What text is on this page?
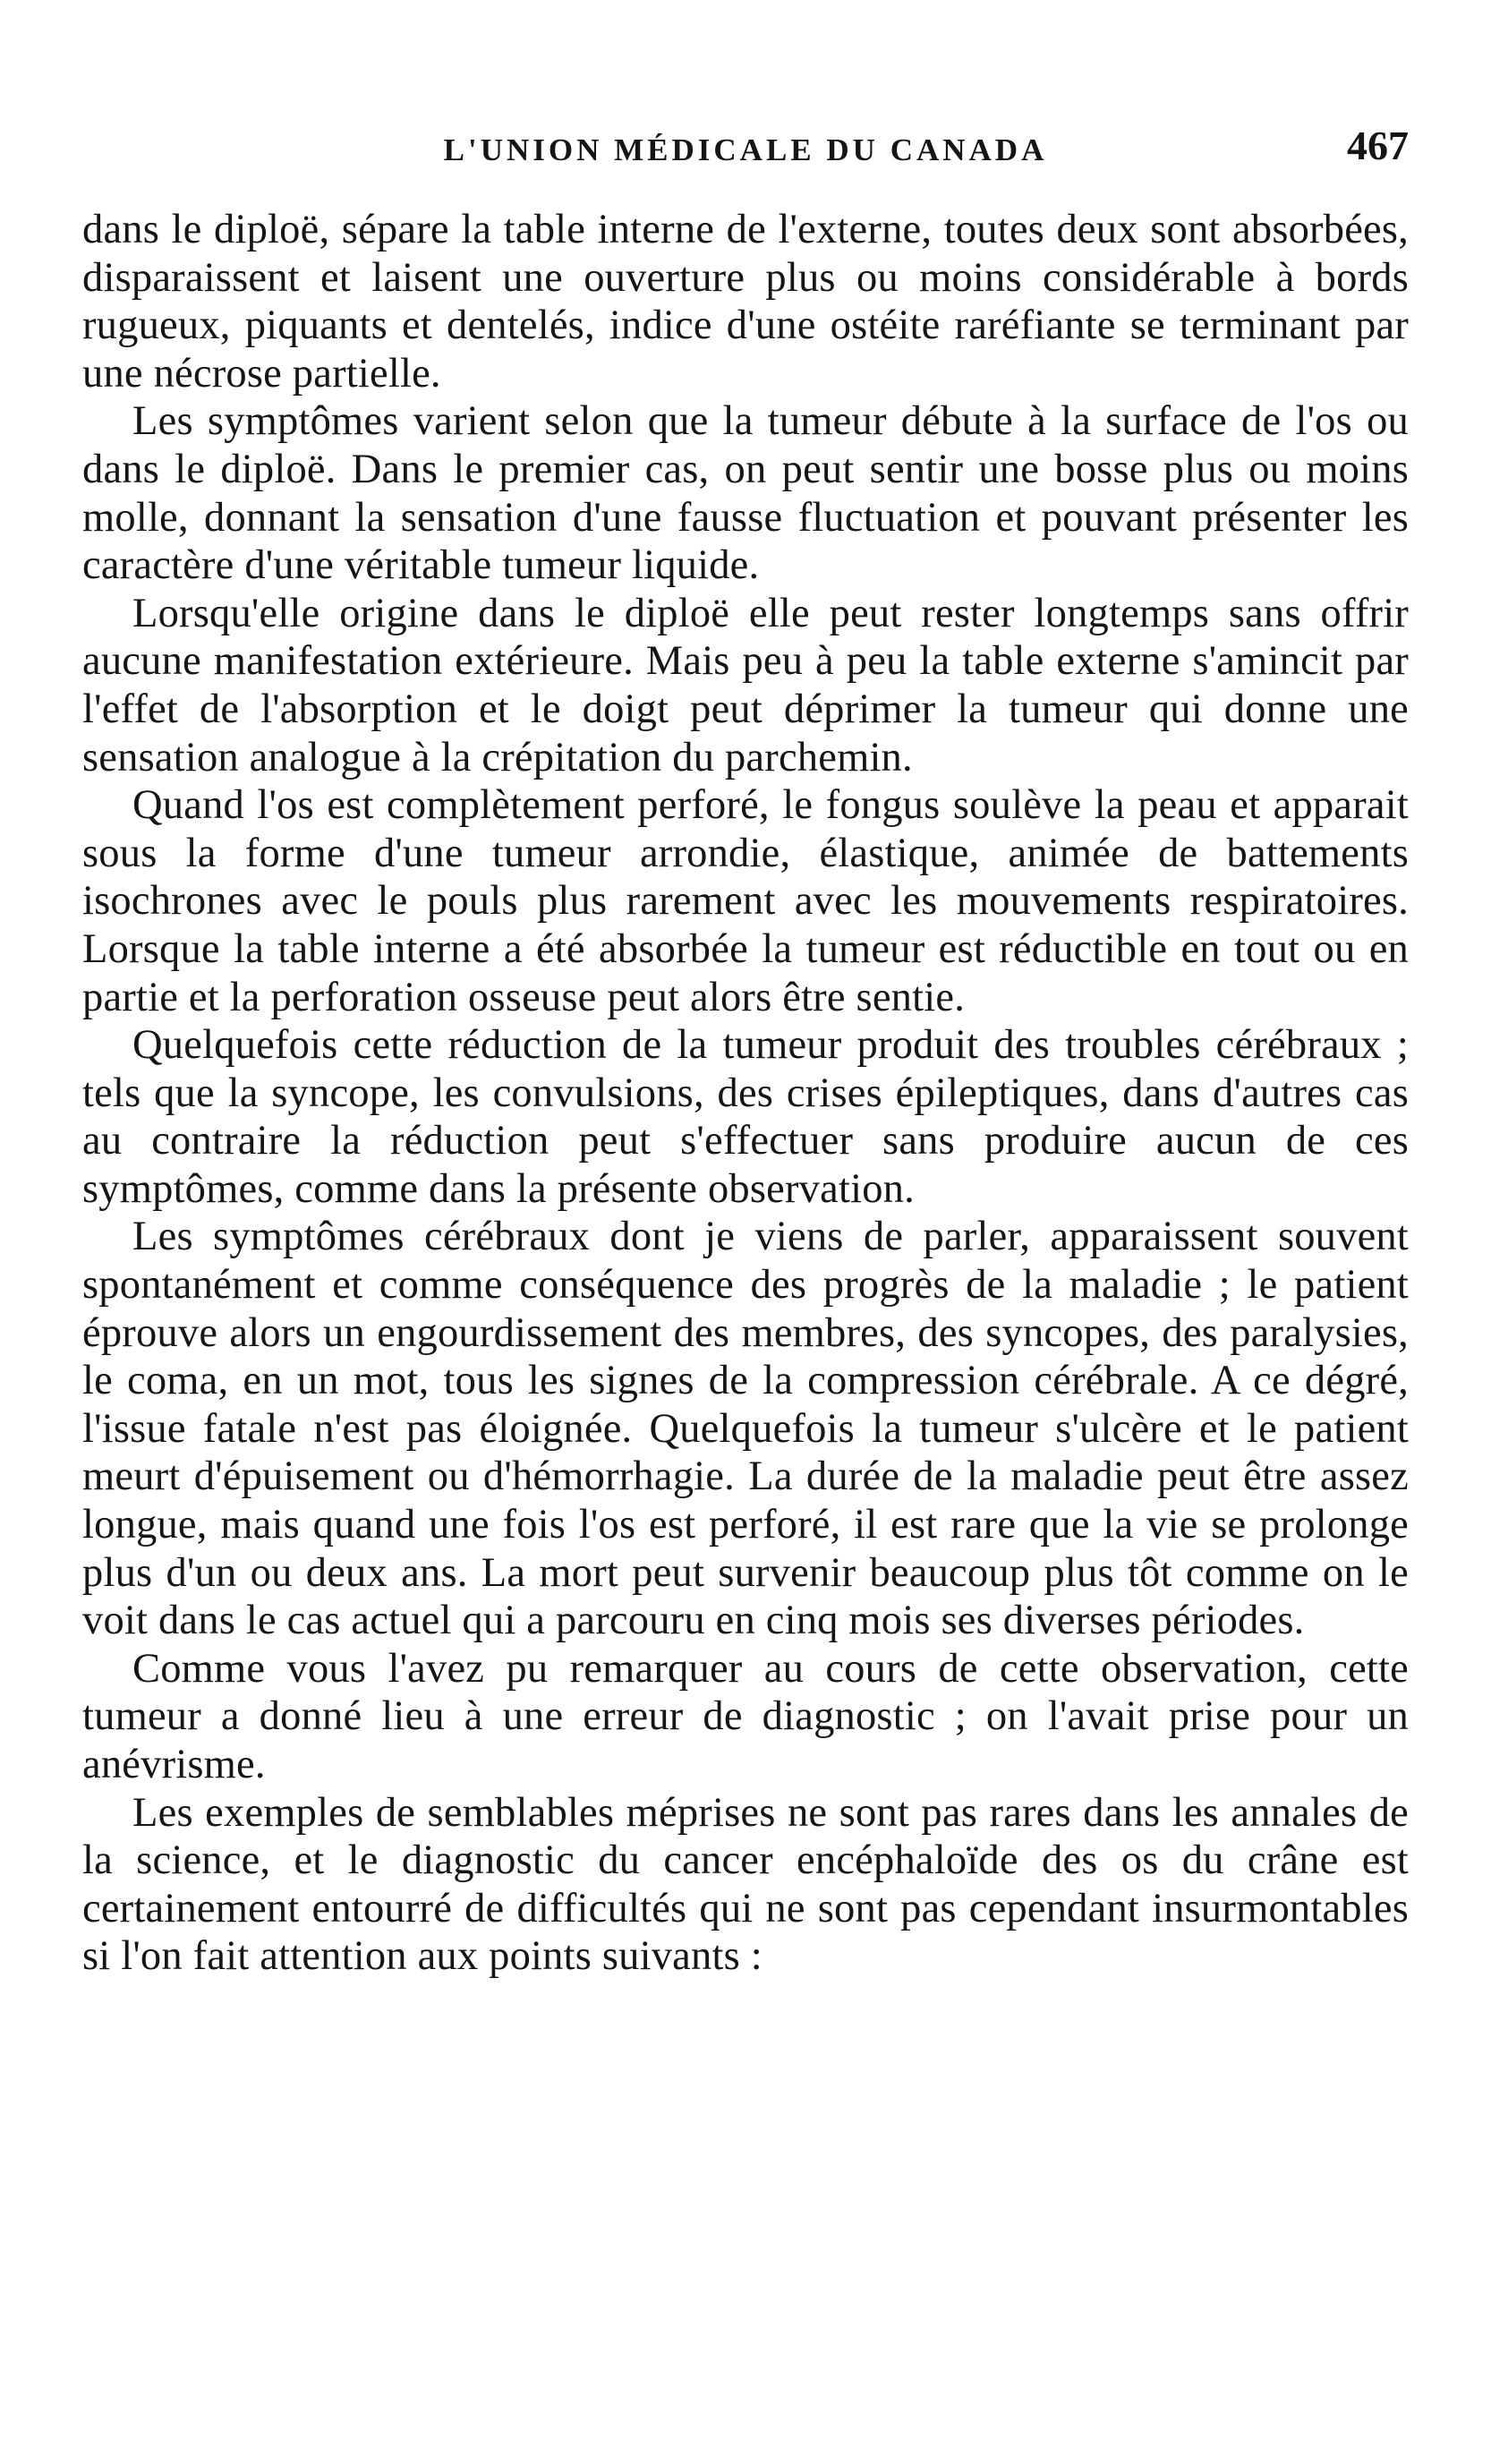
L'UNION MÉDICALE DU CANADA	467

dans le diploë, sépare la table interne de l'externe, toutes deux sont absorbées, disparaissent et laisent une ouverture plus ou moins considérable à bords rugueux, piquants et dentelés, indice d'une ostéite raréfiante se terminant par une nécrose partielle.

Les symptômes varient selon que la tumeur débute à la surface de l'os ou dans le diploë. Dans le premier cas, on peut sentir une bosse plus ou moins molle, donnant la sensation d'une fausse fluctuation et pouvant présenter les caractère d'une véritable tumeur liquide.

Lorsqu'elle origine dans le diploë elle peut rester longtemps sans offrir aucune manifestation extérieure. Mais peu à peu la table externe s'amincit par l'effet de l'absorption et le doigt peut déprimer la tumeur qui donne une sensation analogue à la crépitation du parchemin.

Quand l'os est complètement perforé, le fongus soulève la peau et apparait sous la forme d'une tumeur arrondie, élastique, animée de battements isochrones avec le pouls plus rarement avec les mouvements respiratoires. Lorsque la table interne a été absorbée la tumeur est réductible en tout ou en partie et la perforation osseuse peut alors être sentie.

Quelquefois cette réduction de la tumeur produit des troubles cérébraux ; tels que la syncope, les convulsions, des crises épileptiques, dans d'autres cas au contraire la réduction peut s'effectuer sans produire aucun de ces symptômes, comme dans la présente observation.

Les symptômes cérébraux dont je viens de parler, apparaissent souvent spontanément et comme conséquence des progrès de la maladie ; le patient éprouve alors un engourdissement des membres, des syncopes, des paralysies, le coma, en un mot, tous les signes de la compression cérébrale. A ce dégré, l'issue fatale n'est pas éloignée. Quelquefois la tumeur s'ulcère et le patient meurt d'épuisement ou d'hémorrhagie. La durée de la maladie peut être assez longue, mais quand une fois l'os est perforé, il est rare que la vie se prolonge plus d'un ou deux ans. La mort peut survenir beaucoup plus tôt comme on le voit dans le cas actuel qui a parcouru en cinq mois ses diverses périodes.

Comme vous l'avez pu remarquer au cours de cette observation, cette tumeur a donné lieu à une erreur de diagnostic ; on l'avait prise pour un anévrisme.

Les exemples de semblables méprises ne sont pas rares dans les annales de la science, et le diagnostic du cancer encéphaloïde des os du crâne est certainement entourré de difficultés qui ne sont pas cependant insurmontables si l'on fait attention aux points suivants :
